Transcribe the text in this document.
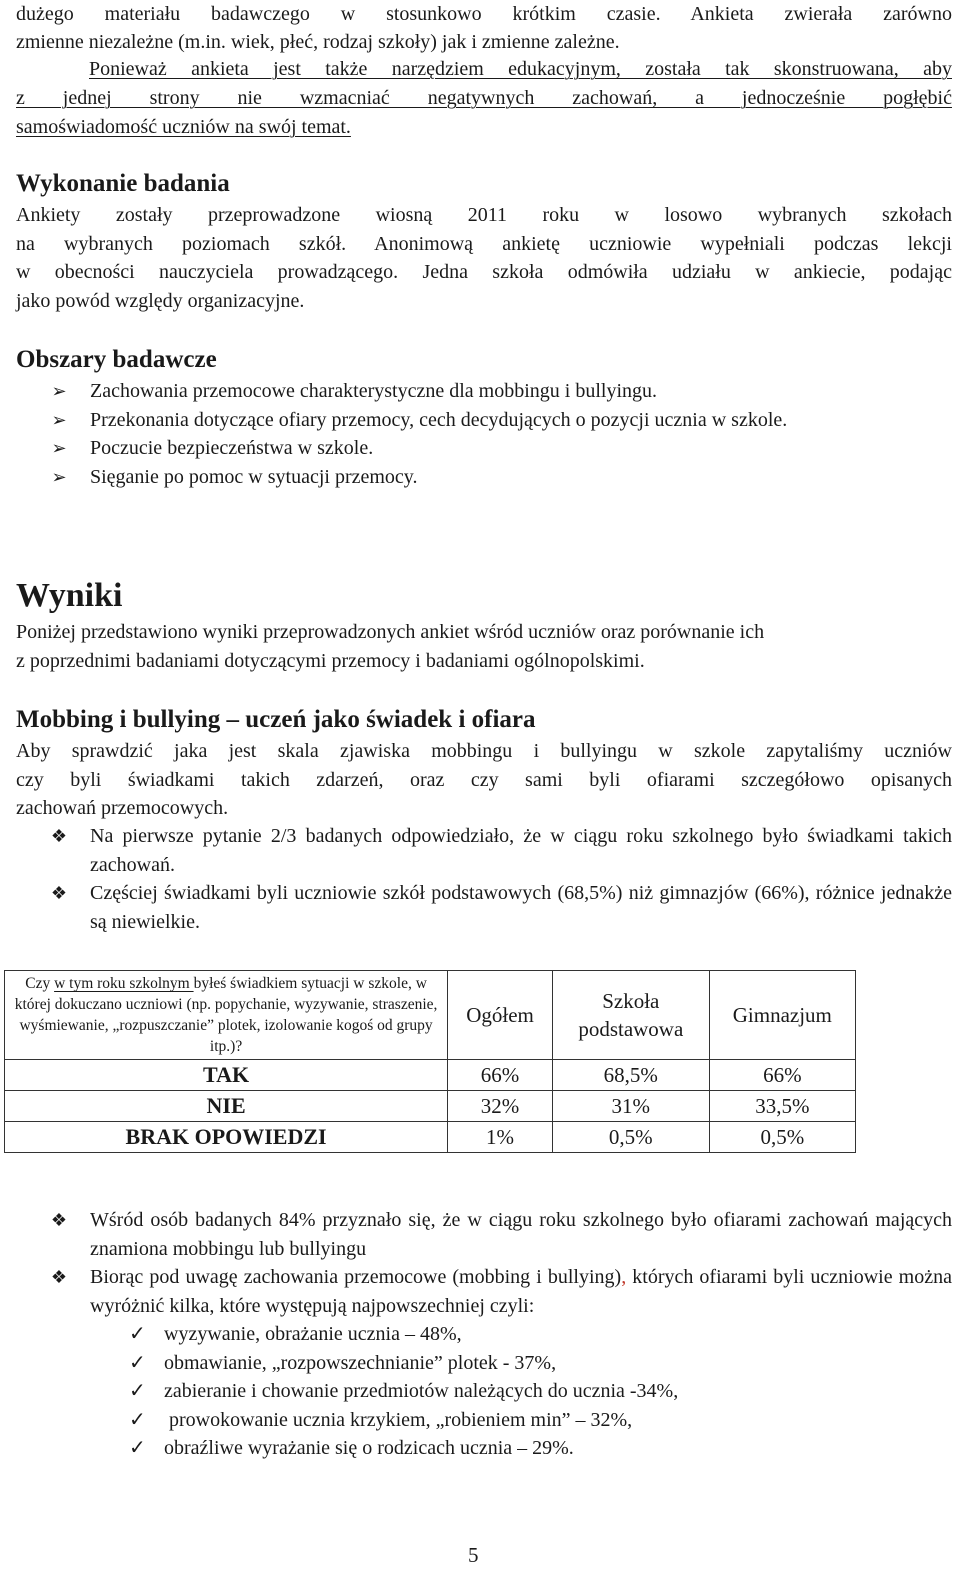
dużego materiału badawczego w stosunkowo krótkim czasie. Ankieta zwierała zarówno
zmienne niezależne (m.in. wiek, płeć, rodzaj szkoły) jak i zmienne zależne.
Ponieważ ankieta jest także narzędziem edukacyjnym, została tak skonstruowana, aby
z jednej strony nie wzmacniać negatywnych zachowań, a jednocześnie pogłębić
samoświadomość uczniów na swój temat.
Wykonanie badania
Ankiety zostały przeprowadzone wiosną 2011 roku w losowo wybranych szkołach
na wybranych poziomach szkół. Anonimową ankietę uczniowie wypełniali podczas lekcji
w obecności nauczyciela prowadzącego. Jedna szkoła odmówiła udziału w ankiecie, podając
jako powód względy organizacyjne.
Obszary badawcze
➢ Zachowania przemocowe charakterystyczne dla mobbingu i bullyingu.
➢ Przekonania dotyczące ofiary przemocy, cech decydujących o pozycji ucznia w szkole.
➢ Poczucie bezpieczeństwa w szkole.
➢ Sięganie po pomoc w sytuacji przemocy.
Wyniki
Poniżej przedstawiono wyniki przeprowadzonych ankiet wśród uczniów oraz porównanie ich
z poprzednimi badaniami dotyczącymi przemocy i badaniami ogólnopolskimi.
Mobbing i bullying – uczeń jako świadek i ofiara
Aby sprawdzić jaka jest skala zjawiska mobbingu i bullyingu w szkole zapytaliśmy uczniów
czy byli świadkami takich zdarzeń, oraz czy sami byli ofiarami szczegółowo opisanych
zachowań przemocowych.
❖ Na pierwsze pytanie 2/3 badanych odpowiedziało, że w ciągu roku szkolnego było świadkami takich zachowań.
❖ Częściej świadkami byli uczniowie szkół podstawowych (68,5%) niż gimnazjów (66%), różnice jednakże są niewielkie.
Czy w tym roku szkolnym byłeś świadkiem sytuacji w szkole, w której dokuczano uczniowi (np. popychanie, wyzywanie, straszenie, wyśmiewanie, „rozpuszczanie” plotek, izolowanie kogoś od grupy itp.)?	Ogółem	Szkoła podstawowa	Gimnazjum
TAK	66%	68,5%	66%
NIE	32%	31%	33,5%
BRAK OPOWIEDZI	1%	0,5%	0,5%
❖ Wśród osób badanych 84% przyznało się, że w ciągu roku szkolnego było ofiarami zachowań mających znamiona mobbingu lub bullyingu
❖ Biorąc pod uwagę zachowania przemocowe (mobbing i bullying), których ofiarami byli uczniowie można wyróżnić kilka, które występują najpowszechniej czyli:
✓ wyzywanie, obrażanie ucznia – 48%,
✓ obmawianie, „rozpowszechnianie” plotek - 37%,
✓ zabieranie i chowanie przedmiotów należących do ucznia -34%,
✓ prowokowanie ucznia krzykiem, „robieniem min” – 32%,
✓ obraźliwe wyrażanie się o rodzicach ucznia – 29%.
5
